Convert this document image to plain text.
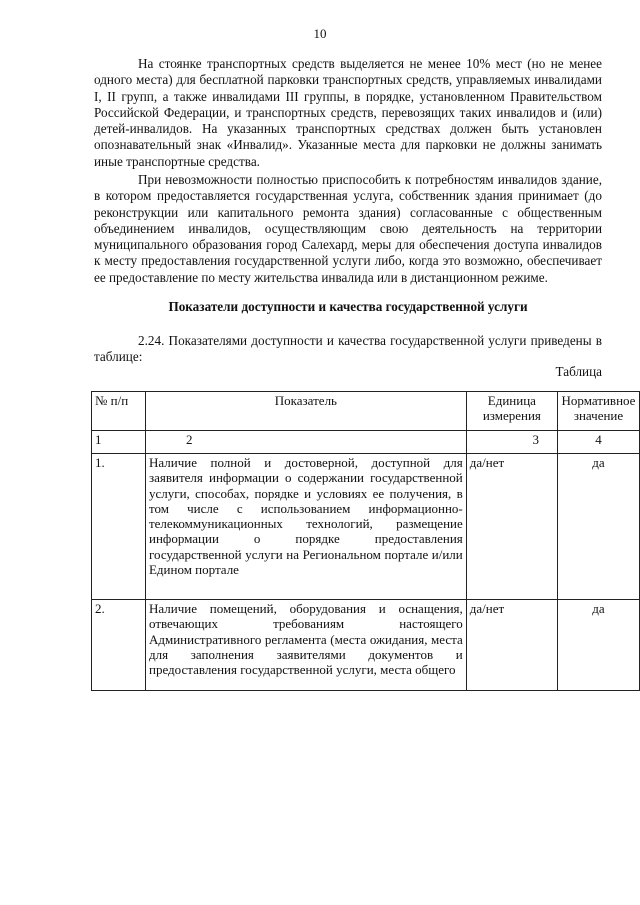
10

На стоянке транспортных средств выделяется не менее 10% мест (но не менее одного места) для бесплатной парковки транспортных средств, управляемых инвалидами I, II групп, а также инвалидами III группы, в порядке, установленном Правительством Российской Федерации, и транспортных средств, перевозящих таких инвалидов и (или) детей-инвалидов. На указанных транспортных средствах должен быть установлен опознавательный знак «Инвалид». Указанные места для парковки не должны занимать иные транспортные средства.

При невозможности полностью приспособить к потребностям инвалидов здание, в котором предоставляется государственная услуга, собственник здания принимает (до реконструкции или капитального ремонта здания) согласованные с общественным объединением инвалидов, осуществляющим свою деятельность на территории муниципального образования город Салехард, меры для обеспечения доступа инвалидов к месту предоставления государственной услуги либо, когда это возможно, обеспечивает ее предоставление по месту жительства инвалида или в дистанционном режиме.

Показатели доступности и качества государственной услуги

2.24. Показателями доступности и качества государственной услуги приведены в таблице:

Таблица
№ п/п	Показатель	Единица измерения	Нормативное значение
1	2	3	4
1.	Наличие полной и достоверной, доступной для заявителя информации о содержании государственной услуги, способах, порядке и условиях ее получения, в том числе с использованием информационно-телекоммуникационных технологий, размещение информации о порядке предоставления государственной услуги на Региональном портале и/или Едином портале	да/нет	да
2.	Наличие помещений, оборудования и оснащения, отвечающих требованиям настоящего Административного регламента (места ожидания, места для заполнения заявителями документов и предоставления государственной услуги, места общего	да/нет	да
